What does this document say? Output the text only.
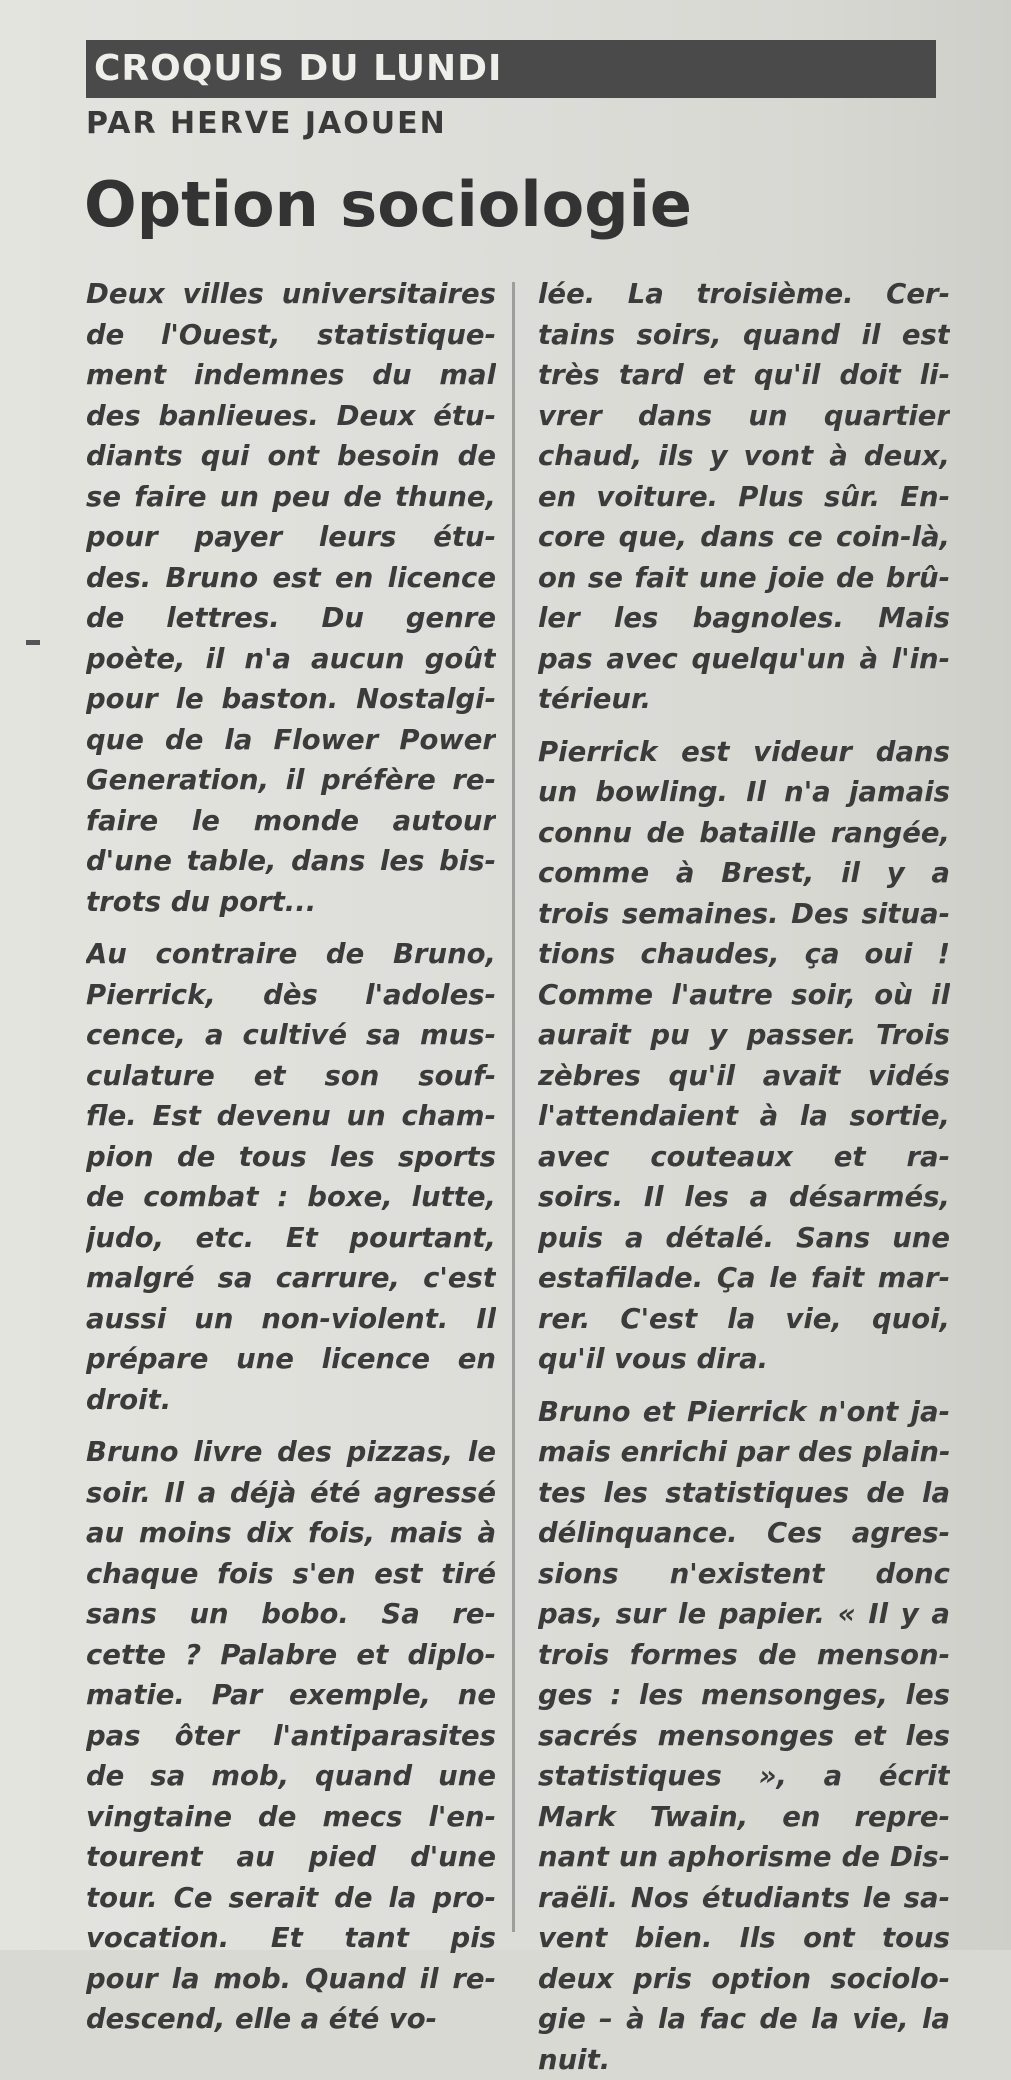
CROQUIS DU LUNDI
PAR HERVE JAOUEN
Option sociologie
Deux villes universitaires
de l'Ouest, statistique-
ment indemnes du mal
des banlieues. Deux étu-
diants qui ont besoin de
se faire un peu de thune,
pour payer leurs étu-
des. Bruno est en licence
de lettres. Du genre
poète, il n'a aucun goût
pour le baston. Nostalgi-
que de la Flower Power
Generation, il préfère re-
faire le monde autour
d'une table, dans les bis-
trots du port...
Au contraire de Bruno,
Pierrick, dès l'adoles-
cence, a cultivé sa mus-
culature et son souf-
fle. Est devenu un cham-
pion de tous les sports
de combat : boxe, lutte,
judo, etc. Et pourtant,
malgré sa carrure, c'est
aussi un non-violent. Il
prépare une licence en
droit.
Bruno livre des pizzas, le
soir. Il a déjà été agressé
au moins dix fois, mais à
chaque fois s'en est tiré
sans un bobo. Sa re-
cette ? Palabre et diplo-
matie. Par exemple, ne
pas ôter l'antiparasites
de sa mob, quand une
vingtaine de mecs l'en-
tourent au pied d'une
tour. Ce serait de la pro-
vocation. Et tant pis
pour la mob. Quand il re-
descend, elle a été vo-
lée. La troisième. Cer-
tains soirs, quand il est
très tard et qu'il doit li-
vrer dans un quartier
chaud, ils y vont à deux,
en voiture. Plus sûr. En-
core que, dans ce coin-là,
on se fait une joie de brû-
ler les bagnoles. Mais
pas avec quelqu'un à l'in-
térieur.
Pierrick est videur dans
un bowling. Il n'a jamais
connu de bataille rangée,
comme à Brest, il y a
trois semaines. Des situa-
tions chaudes, ça oui !
Comme l'autre soir, où il
aurait pu y passer. Trois
zèbres qu'il avait vidés
l'attendaient à la sortie,
avec couteaux et ra-
soirs. Il les a désarmés,
puis a détalé. Sans une
estafilade. Ça le fait mar-
rer. C'est la vie, quoi,
qu'il vous dira.
Bruno et Pierrick n'ont ja-
mais enrichi par des plain-
tes les statistiques de la
délinquance. Ces agres-
sions n'existent donc
pas, sur le papier. « Il y a
trois formes de menson-
ges : les mensonges, les
sacrés mensonges et les
statistiques », a écrit
Mark Twain, en repre-
nant un aphorisme de Dis-
raëli. Nos étudiants le sa-
vent bien. Ils ont tous
deux pris option sociolo-
gie – à la fac de la vie, la
nuit.
